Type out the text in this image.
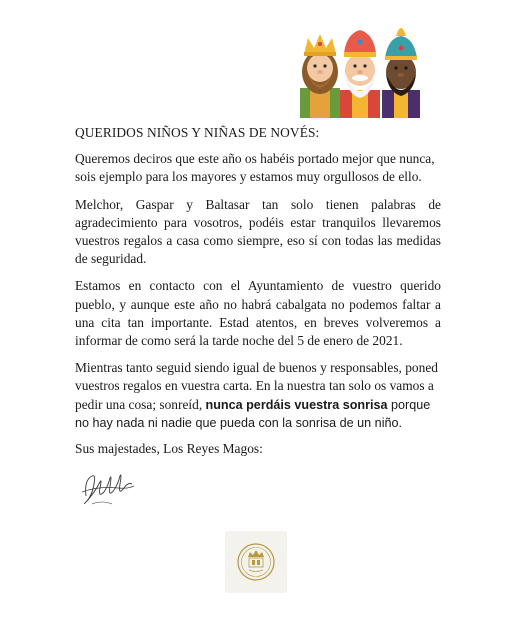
QUERIDOS NIÑOS Y NIÑAS DE NOVÉS:

Queremos deciros que este año os habéis portado mejor que nunca, sois ejemplo para los mayores y estamos muy orgullosos de ello.

Melchor, Gaspar y Baltasar tan solo tienen palabras de agradecimiento para vosotros, podéis estar tranquilos llevaremos vuestros regalos a casa como siempre, eso sí con todas las medidas de seguridad.

Estamos en contacto con el Ayuntamiento de vuestro querido pueblo, y aunque este año no habrá cabalgata no podemos faltar a una cita tan importante. Estad atentos, en breves volveremos a informar de como será la tarde noche del 5 de enero de 2021.

Mientras tanto seguid siendo igual de buenos y responsables, poned vuestros regalos en vuestra carta. En la nuestra tan solo os vamos a pedir una cosa; sonreíd, nunca perdáis vuestra sonrisa porque no hay nada ni nadie que pueda con la sonrisa de un niño.

Sus majestades, Los Reyes Magos:
